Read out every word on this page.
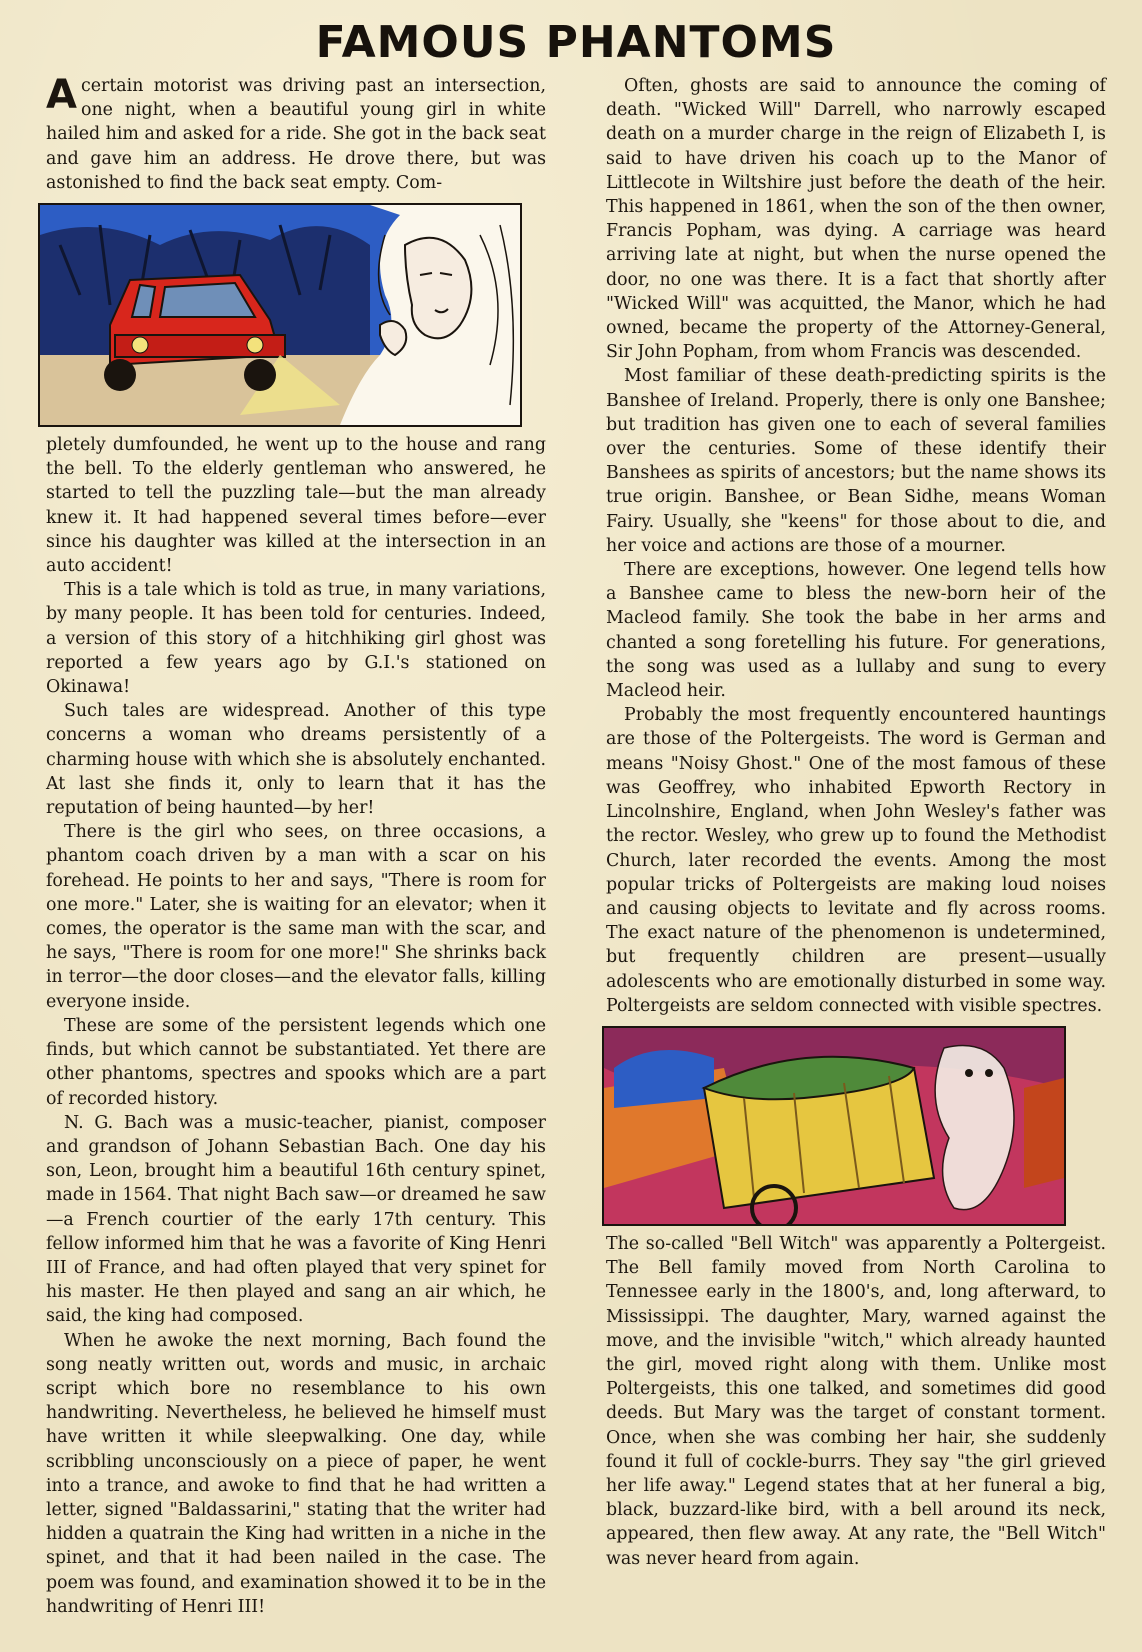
FAMOUS PHANTOMS

Acertain motorist was driving past an intersection, one night, when a beautiful young girl in white hailed him and asked for a ride. She got in the back seat and gave him an address. He drove there, but was astonished to find the back seat empty. Com-

pletely dumfounded, he went up to the house and rang the bell. To the elderly gentleman who answered, he started to tell the puzzling tale—but the man already knew it. It had happened several times before—ever since his daughter was killed at the intersection in an auto accident!

This is a tale which is told as true, in many variations, by many people. It has been told for centuries. Indeed, a version of this story of a hitchhiking girl ghost was reported a few years ago by G.I.'s stationed on Okinawa!

Such tales are widespread. Another of this type concerns a woman who dreams persistently of a charming house with which she is absolutely enchanted. At last she finds it, only to learn that it has the reputation of being haunted—by her!

There is the girl who sees, on three occasions, a phantom coach driven by a man with a scar on his forehead. He points to her and says, "There is room for one more." Later, she is waiting for an elevator; when it comes, the operator is the same man with the scar, and he says, "There is room for one more!" She shrinks back in terror—the door closes—and the elevator falls, killing everyone inside.

These are some of the persistent legends which one finds, but which cannot be substantiated. Yet there are other phantoms, spectres and spooks which are a part of recorded history.

N. G. Bach was a music-teacher, pianist, composer and grandson of Johann Sebastian Bach. One day his son, Leon, brought him a beautiful 16th century spinet, made in 1564. That night Bach saw—or dreamed he saw—a French courtier of the early 17th century. This fellow informed him that he was a favorite of King Henri III of France, and had often played that very spinet for his master. He then played and sang an air which, he said, the king had composed.

When he awoke the next morning, Bach found the song neatly written out, words and music, in archaic script which bore no resemblance to his own handwriting. Nevertheless, he believed he himself must have written it while sleepwalking. One day, while scribbling unconsciously on a piece of paper, he went into a trance, and awoke to find that he had written a letter, signed "Baldassarini," stating that the writer had hidden a quatrain the King had written in a niche in the spinet, and that it had been nailed in the case. The poem was found, and examination showed it to be in the handwriting of Henri III!

Often, ghosts are said to announce the coming of death. "Wicked Will" Darrell, who narrowly escaped death on a murder charge in the reign of Elizabeth I, is said to have driven his coach up to the Manor of Littlecote in Wiltshire just before the death of the heir. This happened in 1861, when the son of the then owner, Francis Popham, was dying. A carriage was heard arriving late at night, but when the nurse opened the door, no one was there. It is a fact that shortly after "Wicked Will" was acquitted, the Manor, which he had owned, became the property of the Attorney-General, Sir John Popham, from whom Francis was descended.

Most familiar of these death-predicting spirits is the Banshee of Ireland. Properly, there is only one Banshee; but tradition has given one to each of several families over the centuries. Some of these identify their Banshees as spirits of ancestors; but the name shows its true origin. Banshee, or Bean Sidhe, means Woman Fairy. Usually, she "keens" for those about to die, and her voice and actions are those of a mourner.

There are exceptions, however. One legend tells how a Banshee came to bless the new-born heir of the Macleod family. She took the babe in her arms and chanted a song foretelling his future. For generations, the song was used as a lullaby and sung to every Macleod heir.

Probably the most frequently encountered hauntings are those of the Poltergeists. The word is German and means "Noisy Ghost." One of the most famous of these was Geoffrey, who inhabited Epworth Rectory in Lincolnshire, England, when John Wesley's father was the rector. Wesley, who grew up to found the Methodist Church, later recorded the events. Among the most popular tricks of Poltergeists are making loud noises and causing objects to levitate and fly across rooms. The exact nature of the phenomenon is undetermined, but frequently children are present—usually adolescents who are emotionally disturbed in some way. Poltergeists are seldom connected with visible spectres.

The so-called "Bell Witch" was apparently a Poltergeist. The Bell family moved from North Carolina to Tennessee early in the 1800's, and, long afterward, to Mississippi. The daughter, Mary, warned against the move, and the invisible "witch," which already haunted the girl, moved right along with them. Unlike most Poltergeists, this one talked, and sometimes did good deeds. But Mary was the target of constant torment. Once, when she was combing her hair, she suddenly found it full of cockle-burrs. They say "the girl grieved her life away." Legend states that at her funeral a big, black, buzzard-like bird, with a bell around its neck, appeared, then flew away. At any rate, the "Bell Witch" was never heard from again.
